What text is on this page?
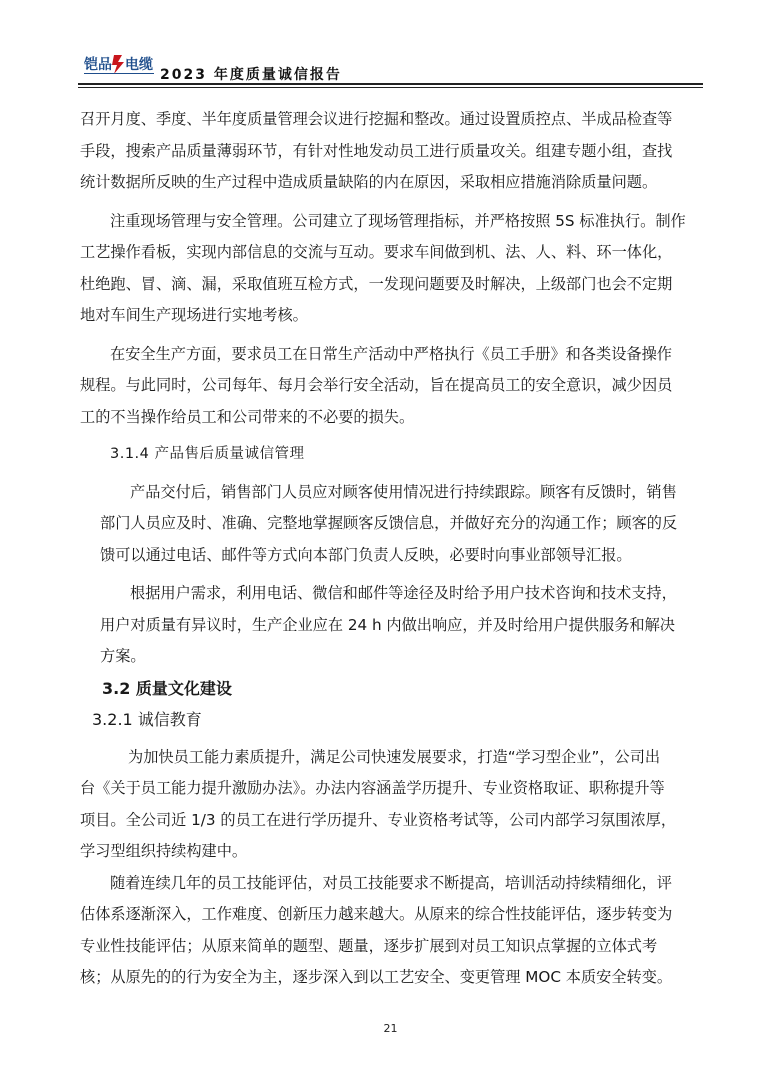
铠品 电缆
2023 年度质量诚信报告

召开月度、季度、半年度质量管理会议进行挖掘和整改。通过设置质控点、半成品检查等

手段，搜索产品质量薄弱环节，有针对性地发动员工进行质量攻关。组建专题小组，查找

统计数据所反映的生产过程中造成质量缺陷的内在原因，采取相应措施消除质量问题。

注重现场管理与安全管理。公司建立了现场管理指标，并严格按照 5S 标准执行。制作

工艺操作看板，实现内部信息的交流与互动。要求车间做到机、法、人、料、环一体化，

杜绝跑、冒、滴、漏，采取值班互检方式，一发现问题要及时解决，上级部门也会不定期

地对车间生产现场进行实地考核。

在安全生产方面，要求员工在日常生产活动中严格执行《员工手册》和各类设备操作

规程。与此同时，公司每年、每月会举行安全活动，旨在提高员工的安全意识，减少因员

工的不当操作给员工和公司带来的不必要的损失。

3.1.4 产品售后质量诚信管理

产品交付后，销售部门人员应对顾客使用情况进行持续跟踪。顾客有反馈时，销售

部门人员应及时、准确、完整地掌握顾客反馈信息，并做好充分的沟通工作；顾客的反

馈可以通过电话、邮件等方式向本部门负责人反映，必要时向事业部领导汇报。

根据用户需求，利用电话、微信和邮件等途径及时给予用户技术咨询和技术支持，

用户对质量有异议时，生产企业应在 24 h 内做出响应，并及时给用户提供服务和解决

方案。

3.2 质量文化建设

3.2.1 诚信教育

为加快员工能力素质提升，满足公司快速发展要求，打造“学习型企业”，公司出

台《关于员工能力提升激励办法》。办法内容涵盖学历提升、专业资格取证、职称提升等

项目。全公司近 1/3 的员工在进行学历提升、专业资格考试等，公司内部学习氛围浓厚，

学习型组织持续构建中。

随着连续几年的员工技能评估，对员工技能要求不断提高，培训活动持续精细化，评

估体系逐渐深入，工作难度、创新压力越来越大。从原来的综合性技能评估，逐步转变为

专业性技能评估；从原来简单的题型、题量，逐步扩展到对员工知识点掌握的立体式考

核；从原先的的行为安全为主，逐步深入到以工艺安全、变更管理 MOC 本质安全转变。

21
